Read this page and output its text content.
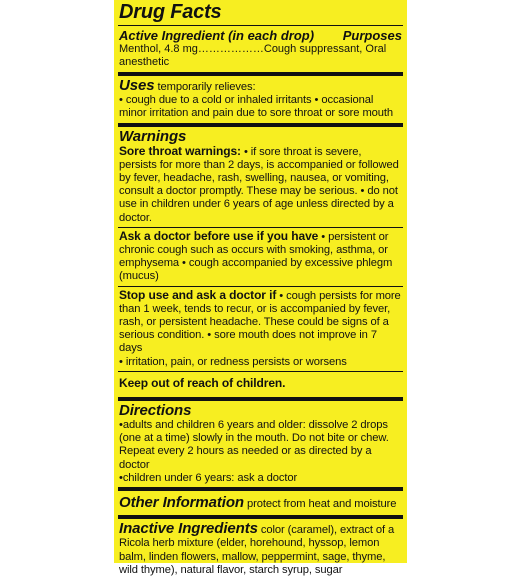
Drug Facts
Active Ingredient (in each drop) Purposes
Menthol, 4.8 mg………………Cough suppressant, Oral anesthetic
Uses temporarily relieves:
• cough due to a cold or inhaled irritants • occasional minor irritation and pain due to sore throat or sore mouth
Warnings
Sore throat warnings: • if sore throat is severe, persists for more than 2 days, is accompanied or followed by fever, headache, rash, swelling, nausea, or vomiting, consult a doctor promptly. These may be serious. • do not use in children under 6 years of age unless directed by a doctor.
Ask a doctor before use if you have • persistent or chronic cough such as occurs with smoking, asthma, or emphysema • cough accompanied by excessive phlegm (mucus)
Stop use and ask a doctor if • cough persists for more than 1 week, tends to recur, or is accompanied by fever, rash, or persistent headache. These could be signs of a serious condition. • sore mouth does not improve in 7 days
• irritation, pain, or redness persists or worsens
Keep out of reach of children.
Directions
•adults and children 6 years and older: dissolve 2 drops (one at a time) slowly in the mouth. Do not bite or chew. Repeat every 2 hours as needed or as directed by a doctor
•children under 6 years: ask a doctor
Other Information protect from heat and moisture
Inactive Ingredients color (caramel), extract of a Ricola herb mixture (elder, horehound, hyssop, lemon balm, linden flowers, mallow, peppermint, sage, thyme, wild thyme), natural flavor, starch syrup, sugar
